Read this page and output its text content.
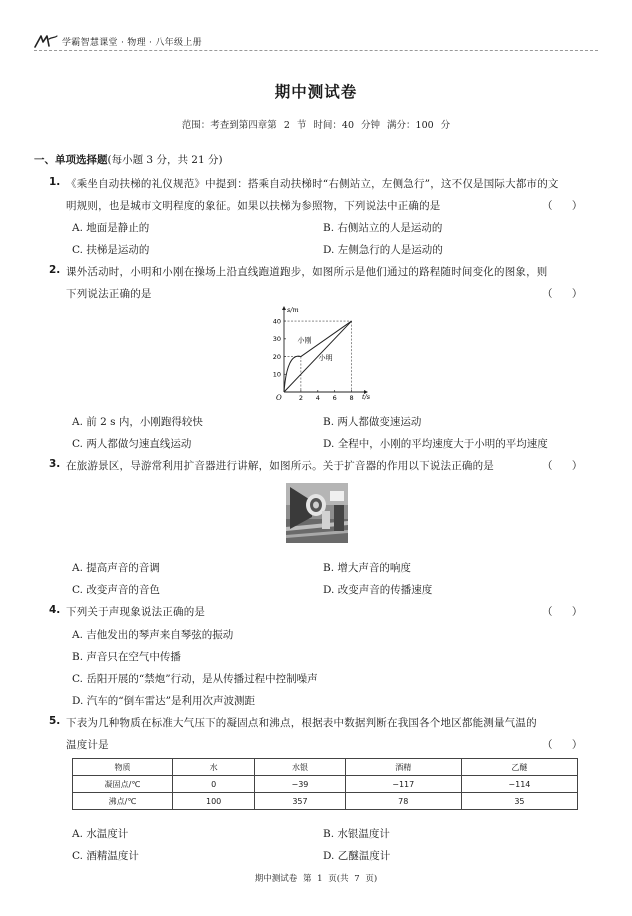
学霸智慧课堂 · 物理 · 八年级上册
期中测试卷
范围：考查到第四章第 2 节 时间：40 分钟 满分：100 分
一、单项选择题(每小题 3 分，共 21 分)
1. 《乘坐自动扶梯的礼仪规范》中提到：搭乘自动扶梯时“右侧站立，左侧急行”，这不仅是国际大都市的文
明规则，也是城市文明程度的象征。如果以扶梯为参照物，下列说法中正确的是	（ ）
A. 地面是静止的	B. 右侧站立的人是运动的
C. 扶梯是运动的	D. 左侧急行的人是运动的
2. 课外活动时，小明和小刚在操场上沿直线跑道跑步，如图所示是他们通过的路程随时间变化的图象，则
下列说法正确的是	（ ）
s/m
t/s
O
10
20
30
40
2 4 6 8
小刚
小明
A. 前 2 s 内，小刚跑得较快	B. 两人都做变速运动
C. 两人都做匀速直线运动	D. 全程中，小刚的平均速度大于小明的平均速度
3. 在旅游景区，导游常利用扩音器进行讲解，如图所示。关于扩音器的作用以下说法正确的是	（ ）
A. 提高声音的音调	B. 增大声音的响度
C. 改变声音的音色	D. 改变声音的传播速度
4. 下列关于声现象说法正确的是	（ ）
A. 吉他发出的琴声来自琴弦的振动
B. 声音只在空气中传播
C. 岳阳开展的“禁炮”行动，是从传播过程中控制噪声
D. 汽车的“倒车雷达”是利用次声波测距
5. 下表为几种物质在标准大气压下的凝固点和沸点，根据表中数据判断在我国各个地区都能测量气温的
温度计是	（ ）
物质	水	水银	酒精	乙醚
凝固点/℃	0	−39	−117	−114
沸点/℃	100	357	78	35
A. 水温度计	B. 水银温度计
C. 酒精温度计	D. 乙醚温度计
期中测试卷 第 1 页(共 7 页)
